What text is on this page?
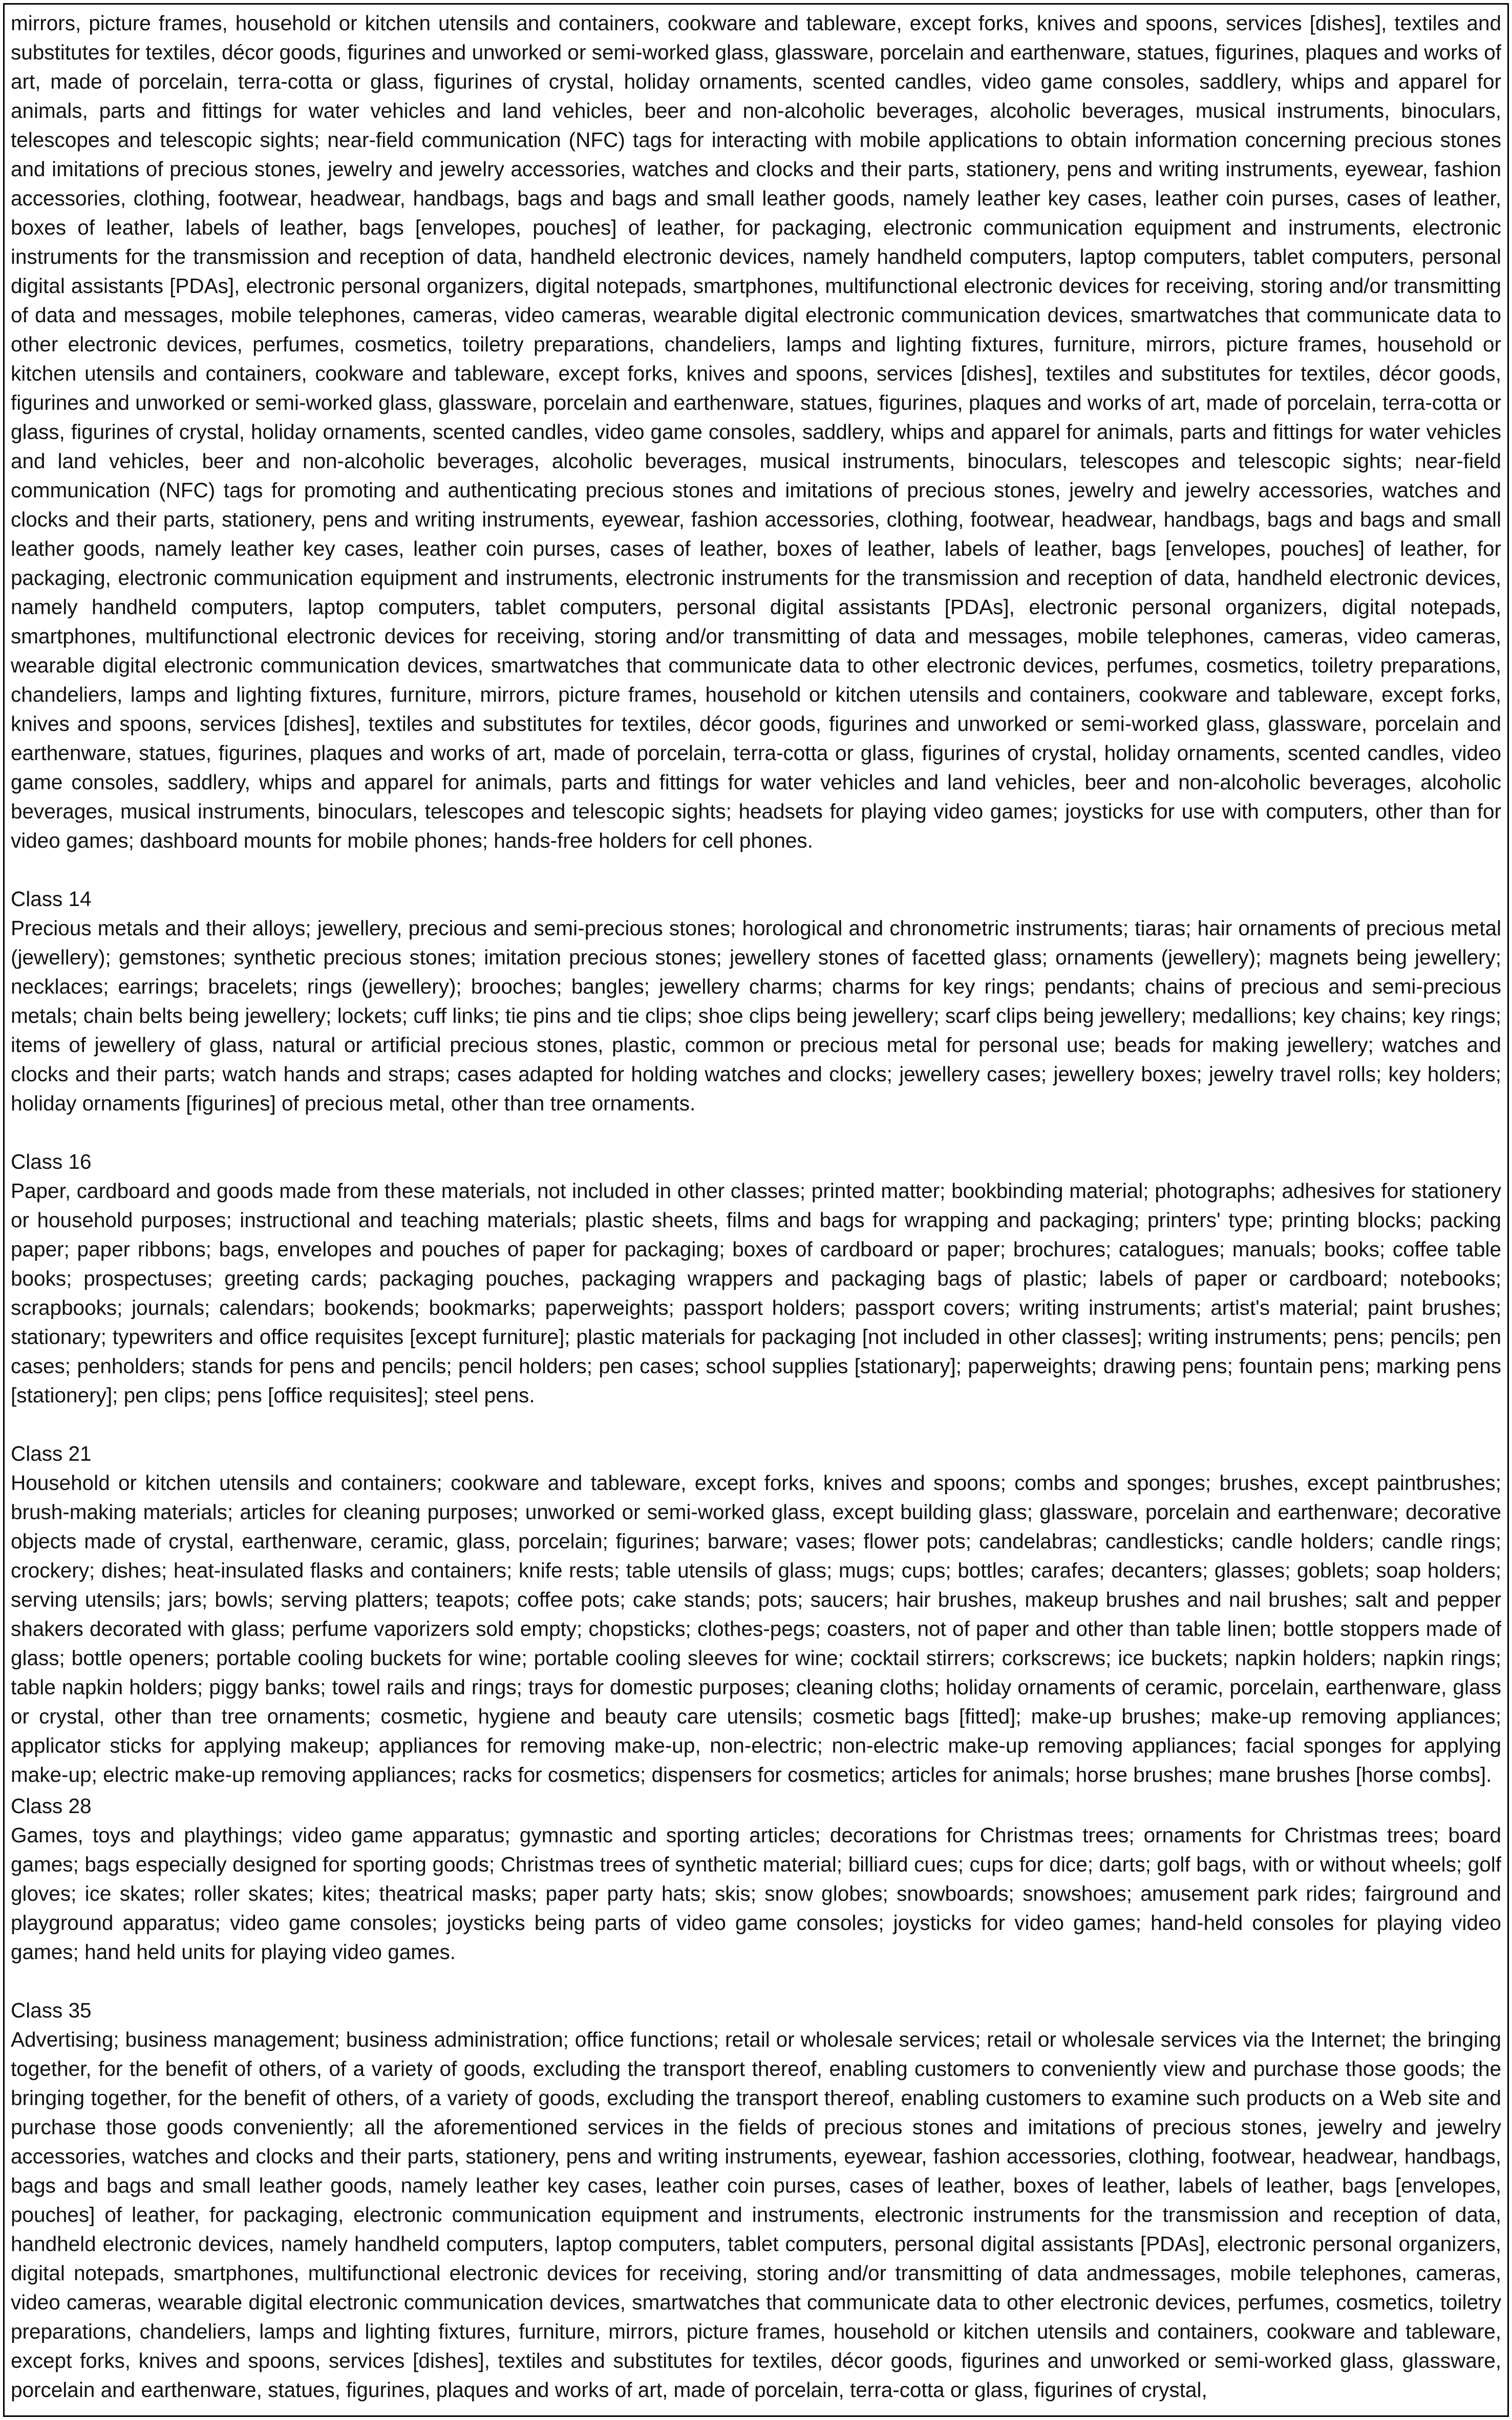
mirrors, picture frames, household or kitchen utensils and containers, cookware and tableware, except forks, knives and spoons, services [dishes], textiles and substitutes for textiles, décor goods, figurines and unworked or semi-worked glass, glassware, porcelain and earthenware, statues, figurines, plaques and works of art, made of porcelain, terra-cotta or glass, figurines of crystal, holiday ornaments, scented candles, video game consoles, saddlery, whips and apparel for animals, parts and fittings for water vehicles and land vehicles, beer and non-alcoholic beverages, alcoholic beverages, musical instruments, binoculars, telescopes and telescopic sights; near-field communication (NFC) tags for interacting with mobile applications to obtain information concerning precious stones and imitations of precious stones, jewelry and jewelry accessories, watches and clocks and their parts, stationery, pens and writing instruments, eyewear, fashion accessories, clothing, footwear, headwear, handbags, bags and bags and small leather goods, namely leather key cases, leather coin purses, cases of leather, boxes of leather, labels of leather, bags [envelopes, pouches] of leather, for packaging, electronic communication equipment and instruments, electronic instruments for the transmission and reception of data, handheld electronic devices, namely handheld computers, laptop computers, tablet computers, personal digital assistants [PDAs], electronic personal organizers, digital notepads, smartphones, multifunctional electronic devices for receiving, storing and/or transmitting of data and messages, mobile telephones, cameras, video cameras, wearable digital electronic communication devices, smartwatches that communicate data to other electronic devices, perfumes, cosmetics, toiletry preparations, chandeliers, lamps and lighting fixtures, furniture, mirrors, picture frames, household or kitchen utensils and containers, cookware and tableware, except forks, knives and spoons, services [dishes], textiles and substitutes for textiles, décor goods, figurines and unworked or semi-worked glass, glassware, porcelain and earthenware, statues, figurines, plaques and works of art, made of porcelain, terra-cotta or glass, figurines of crystal, holiday ornaments, scented candles, video game consoles, saddlery, whips and apparel for animals, parts and fittings for water vehicles and land vehicles, beer and non-alcoholic beverages, alcoholic beverages, musical instruments, binoculars, telescopes and telescopic sights; near-field communication (NFC) tags for promoting and authenticating precious stones and imitations of precious stones, jewelry and jewelry accessories, watches and clocks and their parts, stationery, pens and writing instruments, eyewear, fashion accessories, clothing, footwear, headwear, handbags, bags and bags and small leather goods, namely leather key cases, leather coin purses, cases of leather, boxes of leather, labels of leather, bags [envelopes, pouches] of leather, for packaging, electronic communication equipment and instruments, electronic instruments for the transmission and reception of data, handheld electronic devices, namely handheld computers, laptop computers, tablet computers, personal digital assistants [PDAs], electronic personal organizers, digital notepads, smartphones, multifunctional electronic devices for receiving, storing and/or transmitting of data and messages, mobile telephones, cameras, video cameras, wearable digital electronic communication devices, smartwatches that communicate data to other electronic devices, perfumes, cosmetics, toiletry preparations, chandeliers, lamps and lighting fixtures, furniture, mirrors, picture frames, household or kitchen utensils and containers, cookware and tableware, except forks, knives and spoons, services [dishes], textiles and substitutes for textiles, décor goods, figurines and unworked or semi-worked glass, glassware, porcelain and earthenware, statues, figurines, plaques and works of art, made of porcelain, terra-cotta or glass, figurines of crystal, holiday ornaments, scented candles, video game consoles, saddlery, whips and apparel for animals, parts and fittings for water vehicles and land vehicles, beer and non-alcoholic beverages, alcoholic beverages, musical instruments, binoculars, telescopes and telescopic sights; headsets for playing video games; joysticks for use with computers, other than for video games; dashboard mounts for mobile phones; hands-free holders for cell phones.

Class 14

Precious metals and their alloys; jewellery, precious and semi-precious stones; horological and chronometric instruments; tiaras; hair ornaments of precious metal (jewellery); gemstones; synthetic precious stones; imitation precious stones; jewellery stones of facetted glass; ornaments (jewellery); magnets being jewellery; necklaces; earrings; bracelets; rings (jewellery); brooches; bangles; jewellery charms; charms for key rings; pendants; chains of precious and semi-precious metals; chain belts being jewellery; lockets; cuff links; tie pins and tie clips; shoe clips being jewellery; scarf clips being jewellery; medallions; key chains; key rings; items of jewellery of glass, natural or artificial precious stones, plastic, common or precious metal for personal use; beads for making jewellery; watches and clocks and their parts; watch hands and straps; cases adapted for holding watches and clocks; jewellery cases; jewellery boxes; jewelry travel rolls; key holders; holiday ornaments [figurines] of precious metal, other than tree ornaments.

Class 16

Paper, cardboard and goods made from these materials, not included in other classes; printed matter; bookbinding material; photographs; adhesives for stationery or household purposes; instructional and teaching materials; plastic sheets, films and bags for wrapping and packaging; printers' type; printing blocks; packing paper; paper ribbons; bags, envelopes and pouches of paper for packaging; boxes of cardboard or paper; brochures; catalogues; manuals; books; coffee table books; prospectuses; greeting cards; packaging pouches, packaging wrappers and packaging bags of plastic; labels of paper or cardboard; notebooks; scrapbooks; journals; calendars; bookends; bookmarks; paperweights; passport holders; passport covers; writing instruments; artist's material; paint brushes; stationary; typewriters and office requisites [except furniture]; plastic materials for packaging [not included in other classes]; writing instruments; pens; pencils; pen cases; penholders; stands for pens and pencils; pencil holders; pen cases; school supplies [stationary]; paperweights; drawing pens; fountain pens; marking pens [stationery]; pen clips; pens [office requisites]; steel pens.

Class 21

Household or kitchen utensils and containers; cookware and tableware, except forks, knives and spoons; combs and sponges; brushes, except paintbrushes; brush-making materials; articles for cleaning purposes; unworked or semi-worked glass, except building glass; glassware, porcelain and earthenware; decorative objects made of crystal, earthenware, ceramic, glass, porcelain; figurines; barware; vases; flower pots; candelabras; candlesticks; candle holders; candle rings; crockery; dishes; heat-insulated flasks and containers; knife rests; table utensils of glass; mugs; cups; bottles; carafes; decanters; glasses; goblets; soap holders; serving utensils; jars; bowls; serving platters; teapots; coffee pots; cake stands; pots; saucers; hair brushes, makeup brushes and nail brushes; salt and pepper shakers decorated with glass; perfume vaporizers sold empty; chopsticks; clothes-pegs; coasters, not of paper and other than table linen; bottle stoppers made of glass; bottle openers; portable cooling buckets for wine; portable cooling sleeves for wine; cocktail stirrers; corkscrews; ice buckets; napkin holders; napkin rings; table napkin holders; piggy banks; towel rails and rings; trays for domestic purposes; cleaning cloths; holiday ornaments of ceramic, porcelain, earthenware, glass or crystal, other than tree ornaments; cosmetic, hygiene and beauty care utensils; cosmetic bags [fitted]; make-up brushes; make-up removing appliances; applicator sticks for applying makeup; appliances for removing make-up, non-electric; non-electric make-up removing appliances; facial sponges for applying make-up; electric make-up removing appliances; racks for cosmetics; dispensers for cosmetics; articles for animals; horse brushes; mane brushes [horse combs].

Class 28

Games, toys and playthings; video game apparatus; gymnastic and sporting articles; decorations for Christmas trees; ornaments for Christmas trees; board games; bags especially designed for sporting goods; Christmas trees of synthetic material; billiard cues; cups for dice; darts; golf bags, with or without wheels; golf gloves; ice skates; roller skates; kites; theatrical masks; paper party hats; skis; snow globes; snowboards; snowshoes; amusement park rides; fairground and playground apparatus; video game consoles; joysticks being parts of video game consoles; joysticks for video games; hand-held consoles for playing video games; hand held units for playing video games.

Class 35

Advertising; business management; business administration; office functions; retail or wholesale services; retail or wholesale services via the Internet; the bringing together, for the benefit of others, of a variety of goods, excluding the transport thereof, enabling customers to conveniently view and purchase those goods; the bringing together, for the benefit of others, of a variety of goods, excluding the transport thereof, enabling customers to examine such products on a Web site and purchase those goods conveniently; all the aforementioned services in the fields of precious stones and imitations of precious stones, jewelry and jewelry accessories, watches and clocks and their parts, stationery, pens and writing instruments, eyewear, fashion accessories, clothing, footwear, headwear, handbags, bags and bags and small leather goods, namely leather key cases, leather coin purses, cases of leather, boxes of leather, labels of leather, bags [envelopes, pouches] of leather, for packaging, electronic communication equipment and instruments, electronic instruments for the transmission and reception of data, handheld electronic devices, namely handheld computers, laptop computers, tablet computers, personal digital assistants [PDAs], electronic personal organizers, digital notepads, smartphones, multifunctional electronic devices for receiving, storing and/or transmitting of data andmessages, mobile telephones, cameras, video cameras, wearable digital electronic communication devices, smartwatches that communicate data to other electronic devices, perfumes, cosmetics, toiletry preparations, chandeliers, lamps and lighting fixtures, furniture, mirrors, picture frames, household or kitchen utensils and containers, cookware and tableware, except forks, knives and spoons, services [dishes], textiles and substitutes for textiles, décor goods, figurines and unworked or semi-worked glass, glassware, porcelain and earthenware, statues, figurines, plaques and works of art, made of porcelain, terra-cotta or glass, figurines of crystal,
